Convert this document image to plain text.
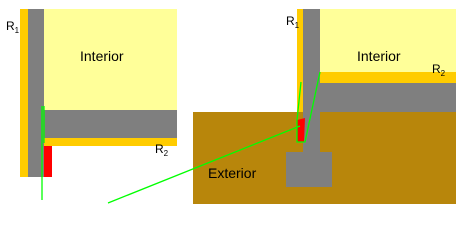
$R_1$
Interior
$R_2$
$R_1$
Interior
$R_2$
Exterior
